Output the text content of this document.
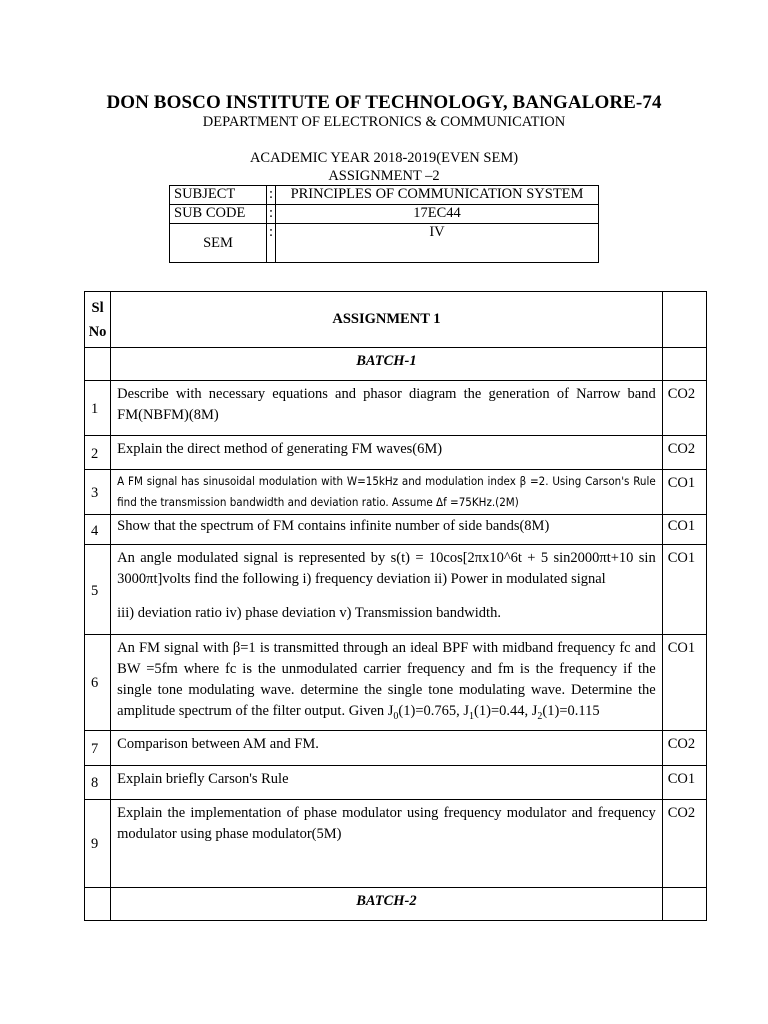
DON BOSCO INSTITUTE OF TECHNOLOGY, BANGALORE-74
DEPARTMENT OF ELECTRONICS & COMMUNICATION
ACADEMIC YEAR 2018-2019(EVEN SEM)
ASSIGNMENT –2
SUBJECT	:	PRINCIPLES OF COMMUNICATION SYSTEM
SUB CODE	:	17EC44
SEM	:	IV
Sl
No	ASSIGNMENT 1	
	BATCH-1	
1	Describe with necessary equations and phasor diagram the generation of Narrow band FM(NBFM)(8M)	CO2
2	Explain the direct method of generating FM waves(6M)	CO2
3	A FM signal has sinusoidal modulation with W=15kHz and modulation index β =2. Using Carson's Rule find the transmission bandwidth and deviation ratio. Assume Δf =75KHz.(2M)	CO1
4	Show that the spectrum of FM contains infinite number of side bands(8M)	CO1
5	An angle modulated signal is represented by s(t) = 10cos[2πx10^6t + 5 sin2000πt+10 sin 3000πt]volts find the following i) frequency deviation ii) Power in modulated signal
iii) deviation ratio iv) phase deviation v) Transmission bandwidth.	CO1
6	An FM signal with β=1 is transmitted through an ideal BPF with midband frequency fc and BW =5fm where fc is the unmodulated carrier frequency and fm is the frequency if the single tone modulating wave. determine the single tone modulating wave. Determine the amplitude spectrum of the filter output. Given $J_0(1)=0.765$, $J_1(1)=0.44$, $J_2(1)=0.115$	CO1
7	Comparison between AM and FM.	CO2
8	Explain briefly Carson's Rule	CO1
9	Explain the implementation of phase modulator using frequency modulator and frequency modulator using phase modulator(5M)	CO2
	BATCH-2	
